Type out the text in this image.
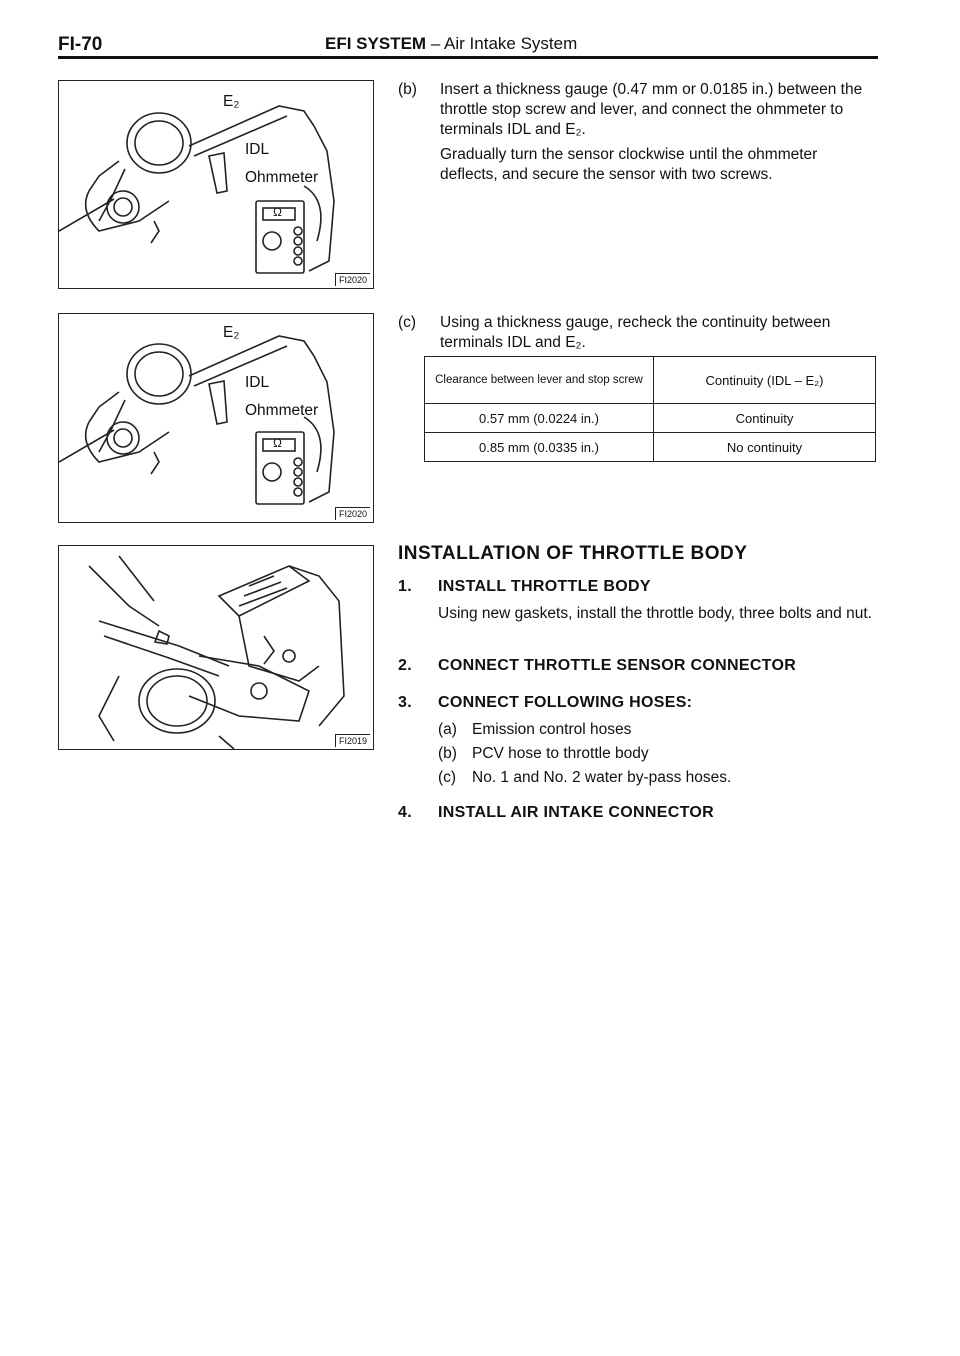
FI-70	EFI SYSTEM – Air Intake System
E₂
IDL
Ohmmeter
Ω
FI2020
E₂
IDL
Ohmmeter
Ω
FI2020
FI2019
(b) Insert a thickness gauge (0.47 mm or 0.0185 in.) between the throttle stop screw and lever, and connect the ohmmeter to terminals IDL and E₂.
Gradually turn the sensor clockwise until the ohmmeter deflects, and secure the sensor with two screws.
(c) Using a thickness gauge, recheck the continuity between terminals IDL and E₂.
Clearance between lever and stop screw	Continuity (IDL – E₂)
0.57 mm (0.0224 in.)	Continuity
0.85 mm (0.0335 in.)	No continuity
INSTALLATION OF THROTTLE BODY
1. INSTALL THROTTLE BODY
Using new gaskets, install the throttle body, three bolts and nut.
2. CONNECT THROTTLE SENSOR CONNECTOR
3. CONNECT FOLLOWING HOSES:
(a) Emission control hoses
(b) PCV hose to throttle body
(c) No. 1 and No. 2 water by-pass hoses.
4. INSTALL AIR INTAKE CONNECTOR
